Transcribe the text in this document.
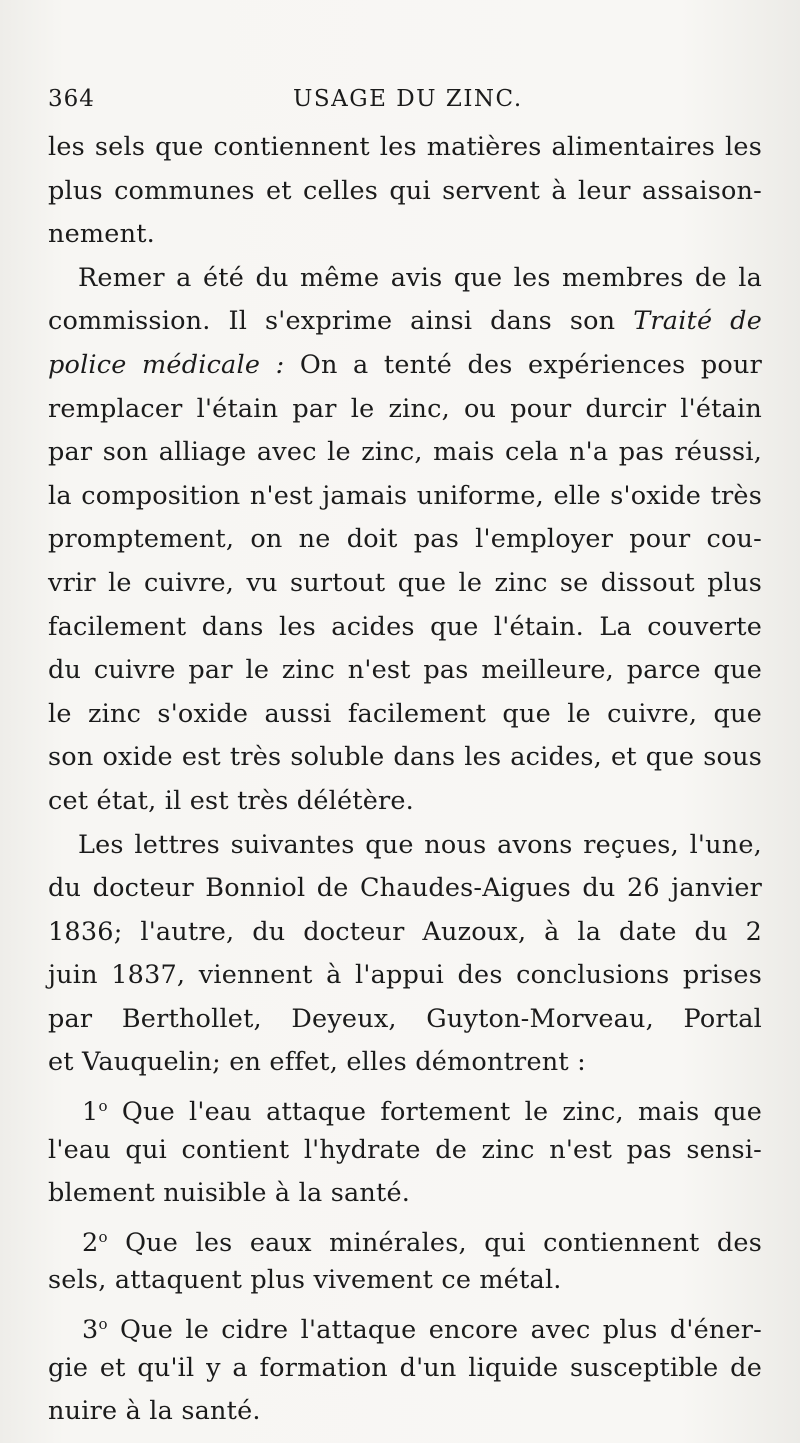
364	USAGE DU ZINC.
les sels que contiennent les matières alimentaires les
plus communes et celles qui servent à leur assaison-
nement.
Remer a été du même avis que les membres de la
commission. Il s'exprime ainsi dans son Traité de
police médicale : On a tenté des expériences pour
remplacer l'étain par le zinc, ou pour durcir l'étain
par son alliage avec le zinc, mais cela n'a pas réussi,
la composition n'est jamais uniforme, elle s'oxide très
promptement, on ne doit pas l'employer pour cou-
vrir le cuivre, vu surtout que le zinc se dissout plus
facilement dans les acides que l'étain. La couverte
du cuivre par le zinc n'est pas meilleure, parce que
le zinc s'oxide aussi facilement que le cuivre, que
son oxide est très soluble dans les acides, et que sous
cet état, il est très délétère.
Les lettres suivantes que nous avons reçues, l'une,
du docteur Bonniol de Chaudes-Aigues du 26 janvier
1836; l'autre, du docteur Auzoux, à la date du 2
juin 1837, viennent à l'appui des conclusions prises
par Berthollet, Deyeux, Guyton-Morveau, Portal
et Vauquelin; en effet, elles démontrent :
1$^o$ Que l'eau attaque fortement le zinc, mais que
l'eau qui contient l'hydrate de zinc n'est pas sensi-
blement nuisible à la santé.
2$^o$ Que les eaux minérales, qui contiennent des
sels, attaquent plus vivement ce métal.
3$^o$ Que le cidre l'attaque encore avec plus d'éner-
gie et qu'il y a formation d'un liquide susceptible de
nuire à la santé.
